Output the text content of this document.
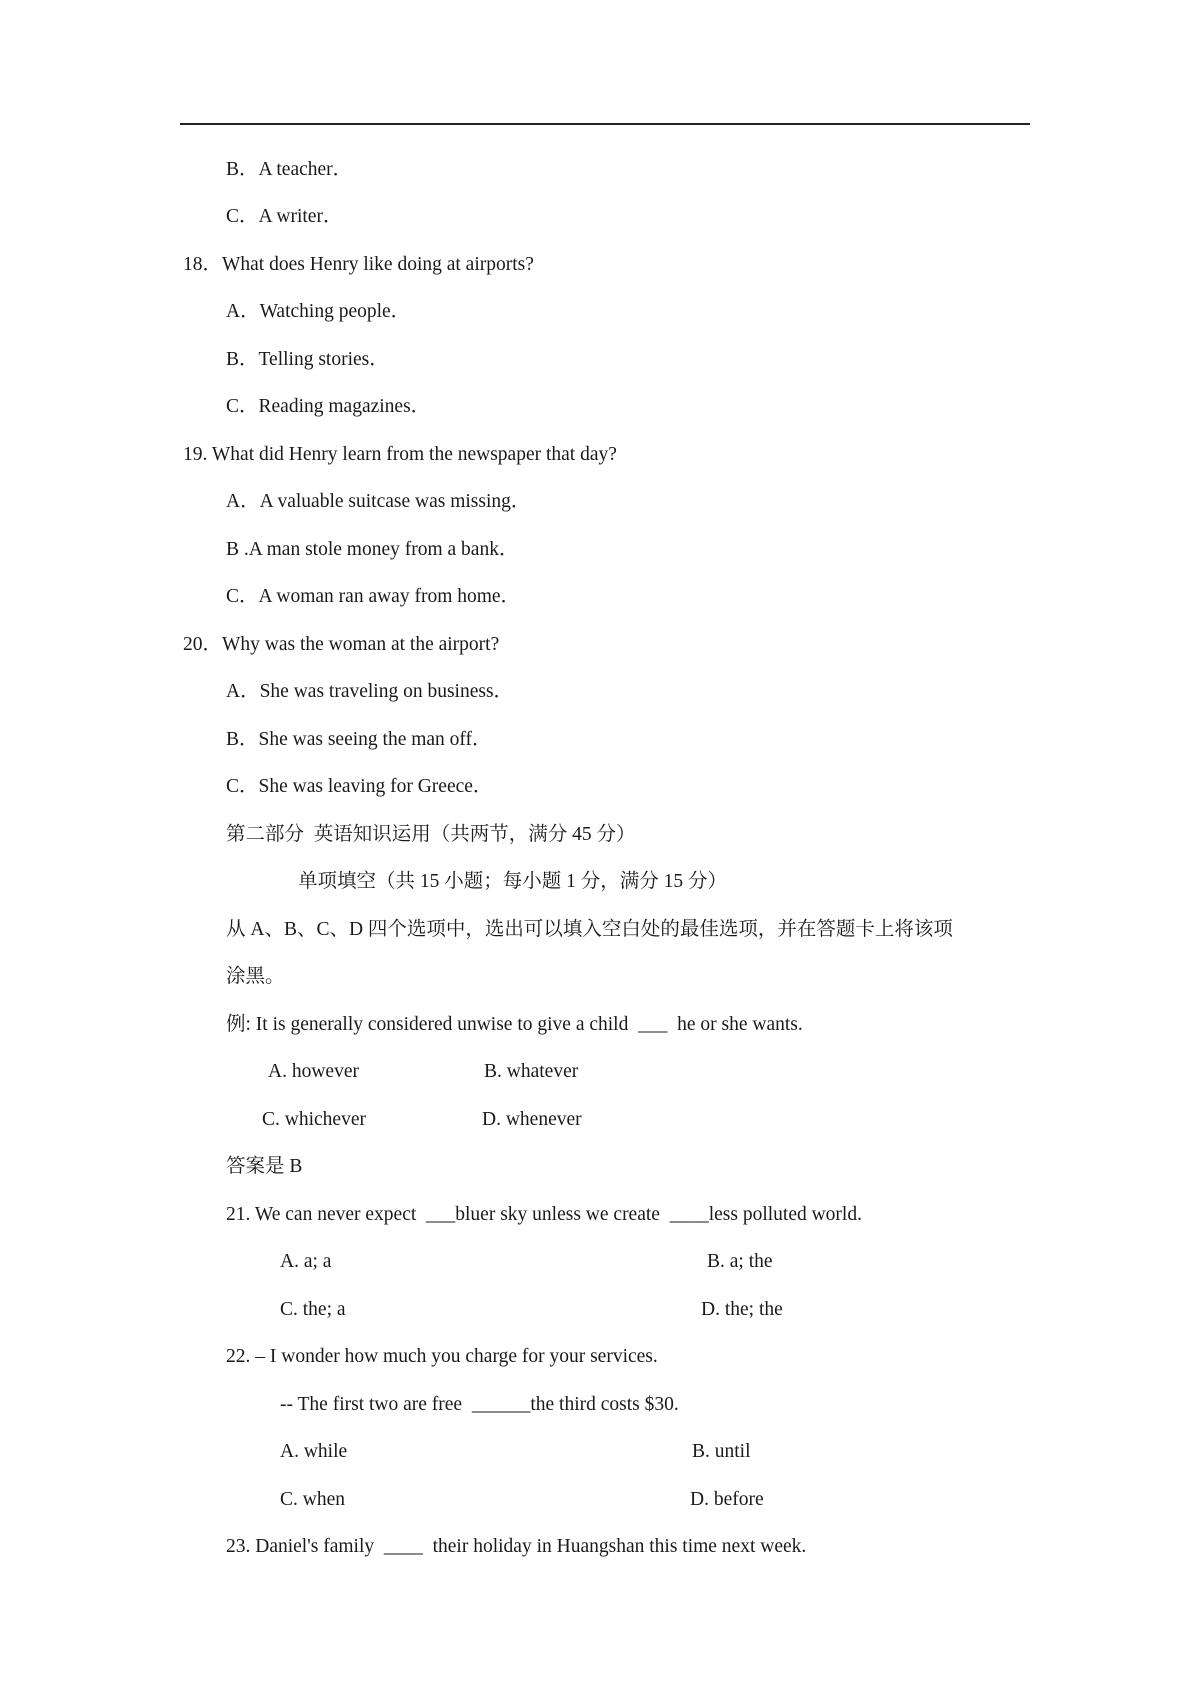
B．A teacher．
C．A writer．
18．What does Henry like doing at airports?
A．Watching people．
B．Telling stories．
C．Reading magazines．
19. What did Henry learn from the newspaper that day?
A．A valuable suitcase was missing．
B .A man stole money from a bank．
C．A woman ran away from home．
20．Why was the woman at the airport?
A．She was traveling on business．
B．She was seeing the man off．
C．She was leaving for Greece．
第二部分  英语知识运用（共两节，满分 45 分）
单项填空（共 15 小题；每小题 1 分，满分 15 分）
从 A、B、C、D 四个选项中，选出可以填入空白处的最佳选项，并在答题卡上将该项
涂黑。
例: It is generally considered unwise to give a child  ___  he or she wants.
A. however	B. whatever
C. whichever	D. whenever
答案是 B
21. We can never expect  ___bluer sky unless we create  ____less polluted world.
A. a; a	B. a; the
C. the; a	D. the; the
22. – I wonder how much you charge for your services.
-- The first two are free  ______the third costs $30.
A. while	B. until
C. when	D. before
23. Daniel's family  ____  their holiday in Huangshan this time next week.
